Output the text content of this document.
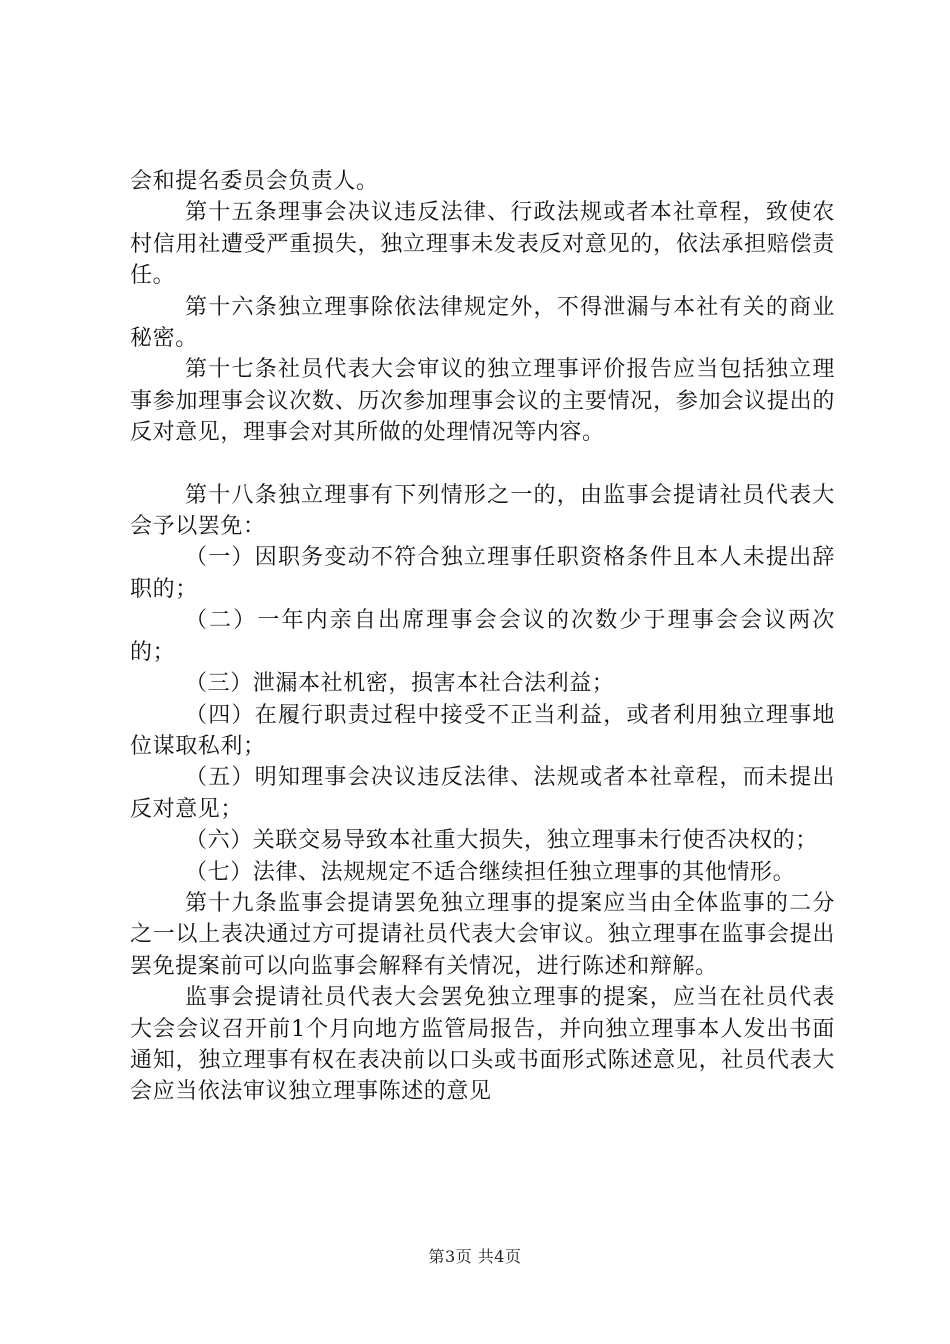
会和提名委员会负责人。

第十五条理事会决议违反法律、行政法规或者本社章程，致使农村信用社遭受严重损失，独立理事未发表反对意见的，依法承担赔偿责任。

第十六条独立理事除依法律规定外，不得泄漏与本社有关的商业秘密。

第十七条社员代表大会审议的独立理事评价报告应当包括独立理事参加理事会议次数、历次参加理事会议的主要情况，参加会议提出的反对意见，理事会对其所做的处理情况等内容。

第十八条独立理事有下列情形之一的，由监事会提请社员代表大会予以罢免：

（一）因职务变动不符合独立理事任职资格条件且本人未提出辞职的；

（二）一年内亲自出席理事会会议的次数少于理事会会议两次的；

（三）泄漏本社机密，损害本社合法利益；

（四）在履行职责过程中接受不正当利益，或者利用独立理事地位谋取私利；

（五）明知理事会决议违反法律、法规或者本社章程，而未提出反对意见；

（六）关联交易导致本社重大损失，独立理事未行使否决权的；

（七）法律、法规规定不适合继续担任独立理事的其他情形。

第十九条监事会提请罢免独立理事的提案应当由全体监事的二分之一以上表决通过方可提请社员代表大会审议。独立理事在监事会提出罢免提案前可以向监事会解释有关情况，进行陈述和辩解。

监事会提请社员代表大会罢免独立理事的提案，应当在社员代表大会会议召开前1个月向地方监管局报告，并向独立理事本人发出书面通知，独立理事有权在表决前以口头或书面形式陈述意见，社员代表大会应当依法审议独立理事陈述的意见

第3页 共4页
